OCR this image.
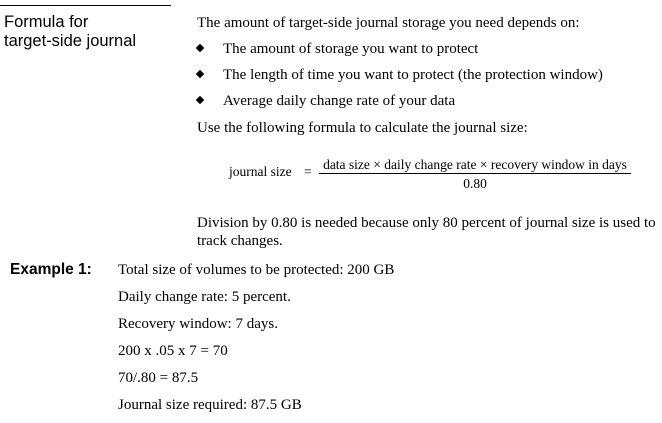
Formula for
target-side journal

The amount of target-side journal storage you need depends on:

The amount of storage you want to protect
The length of time you want to protect (the protection window)
Average daily change rate of your data

Use the following formula to calculate the journal size:

journal size = data size × daily change rate × recovery window in days
0.80

Division by 0.80 is needed because only 80 percent of journal size is used to track changes.

Example 1: Total size of volumes to be protected: 200 GB
Daily change rate: 5 percent.
Recovery window: 7 days.
200 x .05 x 7 = 70
70/.80 = 87.5
Journal size required: 87.5 GB
